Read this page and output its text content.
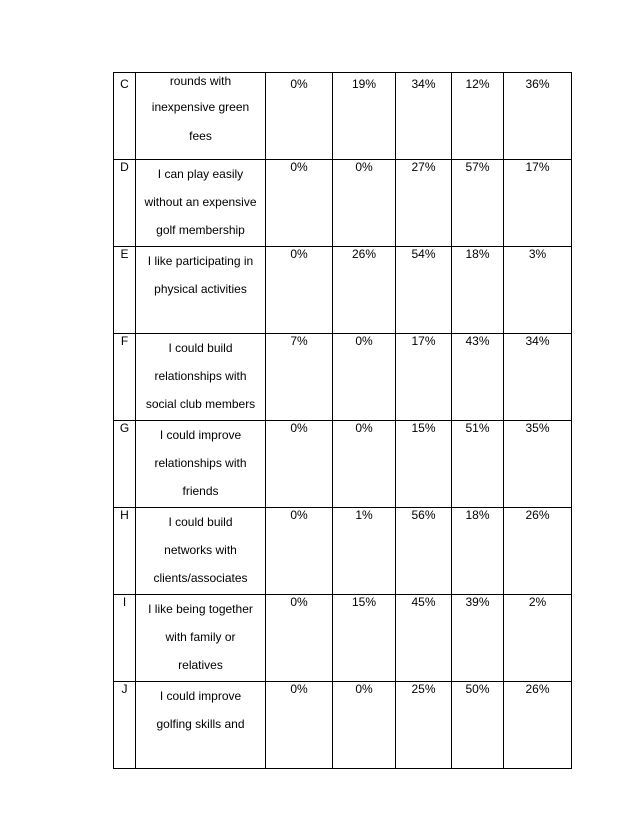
C	rounds with
inexpensive green
fees	0%	19%	34%	12%	36%
D	I can play easily
without an expensive
golf membership	0%	0%	27%	57%	17%
E	I like participating in
physical activities	0%	26%	54%	18%	3%
F	I could build
relationships with
social club members	7%	0%	17%	43%	34%
G	I could improve
relationships with
friends	0%	0%	15%	51%	35%
H	I could build
networks with
clients/associates	0%	1%	56%	18%	26%
I	I like being together
with family or
relatives	0%	15%	45%	39%	2%
J	I could improve
golfing skills and	0%	0%	25%	50%	26%
